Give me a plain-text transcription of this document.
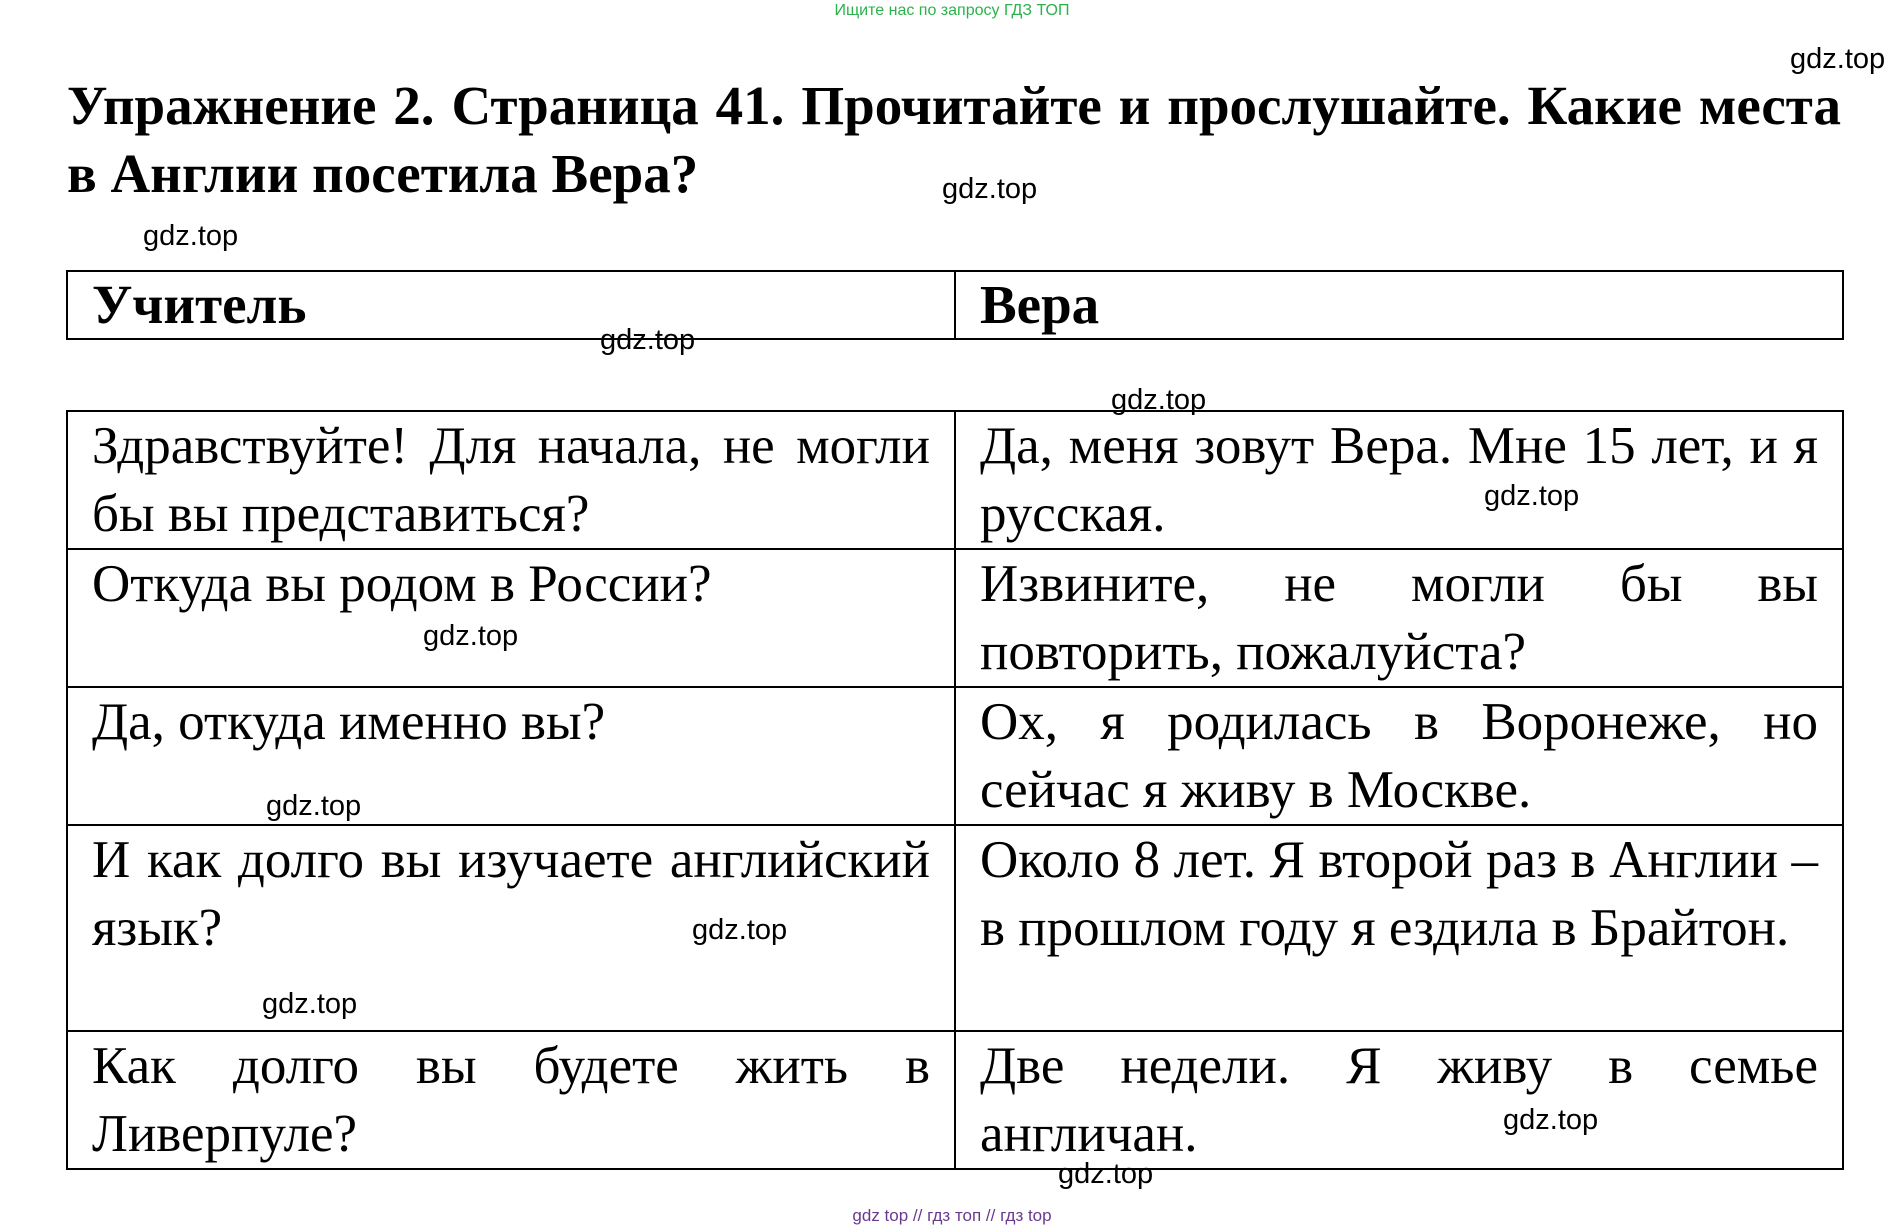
Ищите нас по запросу ГДЗ ТОП
gdz.top
Упражнение 2. Страница 41. Прочитайте и прослушайте. Какие места в Англии посетила Вера?	gdz.top
gdz.top
Учитель	Вера
gdz.top
gdz.top
Здравствуйте! Для начала, не могли бы вы представиться?	Да, меня зовут Вера. Мне 15 лет, и я русская.
Откуда вы родом в России?	Извините, не могли бы вы повторить, пожалуйста?
Да, откуда именно вы?	Ох, я родилась в Воронеже, но сейчас я живу в Москве.
И как долго вы изучаете английский язык?	Около 8 лет. Я второй раз в Англии – в прошлом году я ездила в Брайтон.
Как долго вы будете жить в Ливерпуле?	Две недели. Я живу в семье англичан.
gdz.top
gdz.top
gdz.top
gdz.top
gdz.top
gdz.top
gdz.top
gdz top // гдз топ // гдз top
